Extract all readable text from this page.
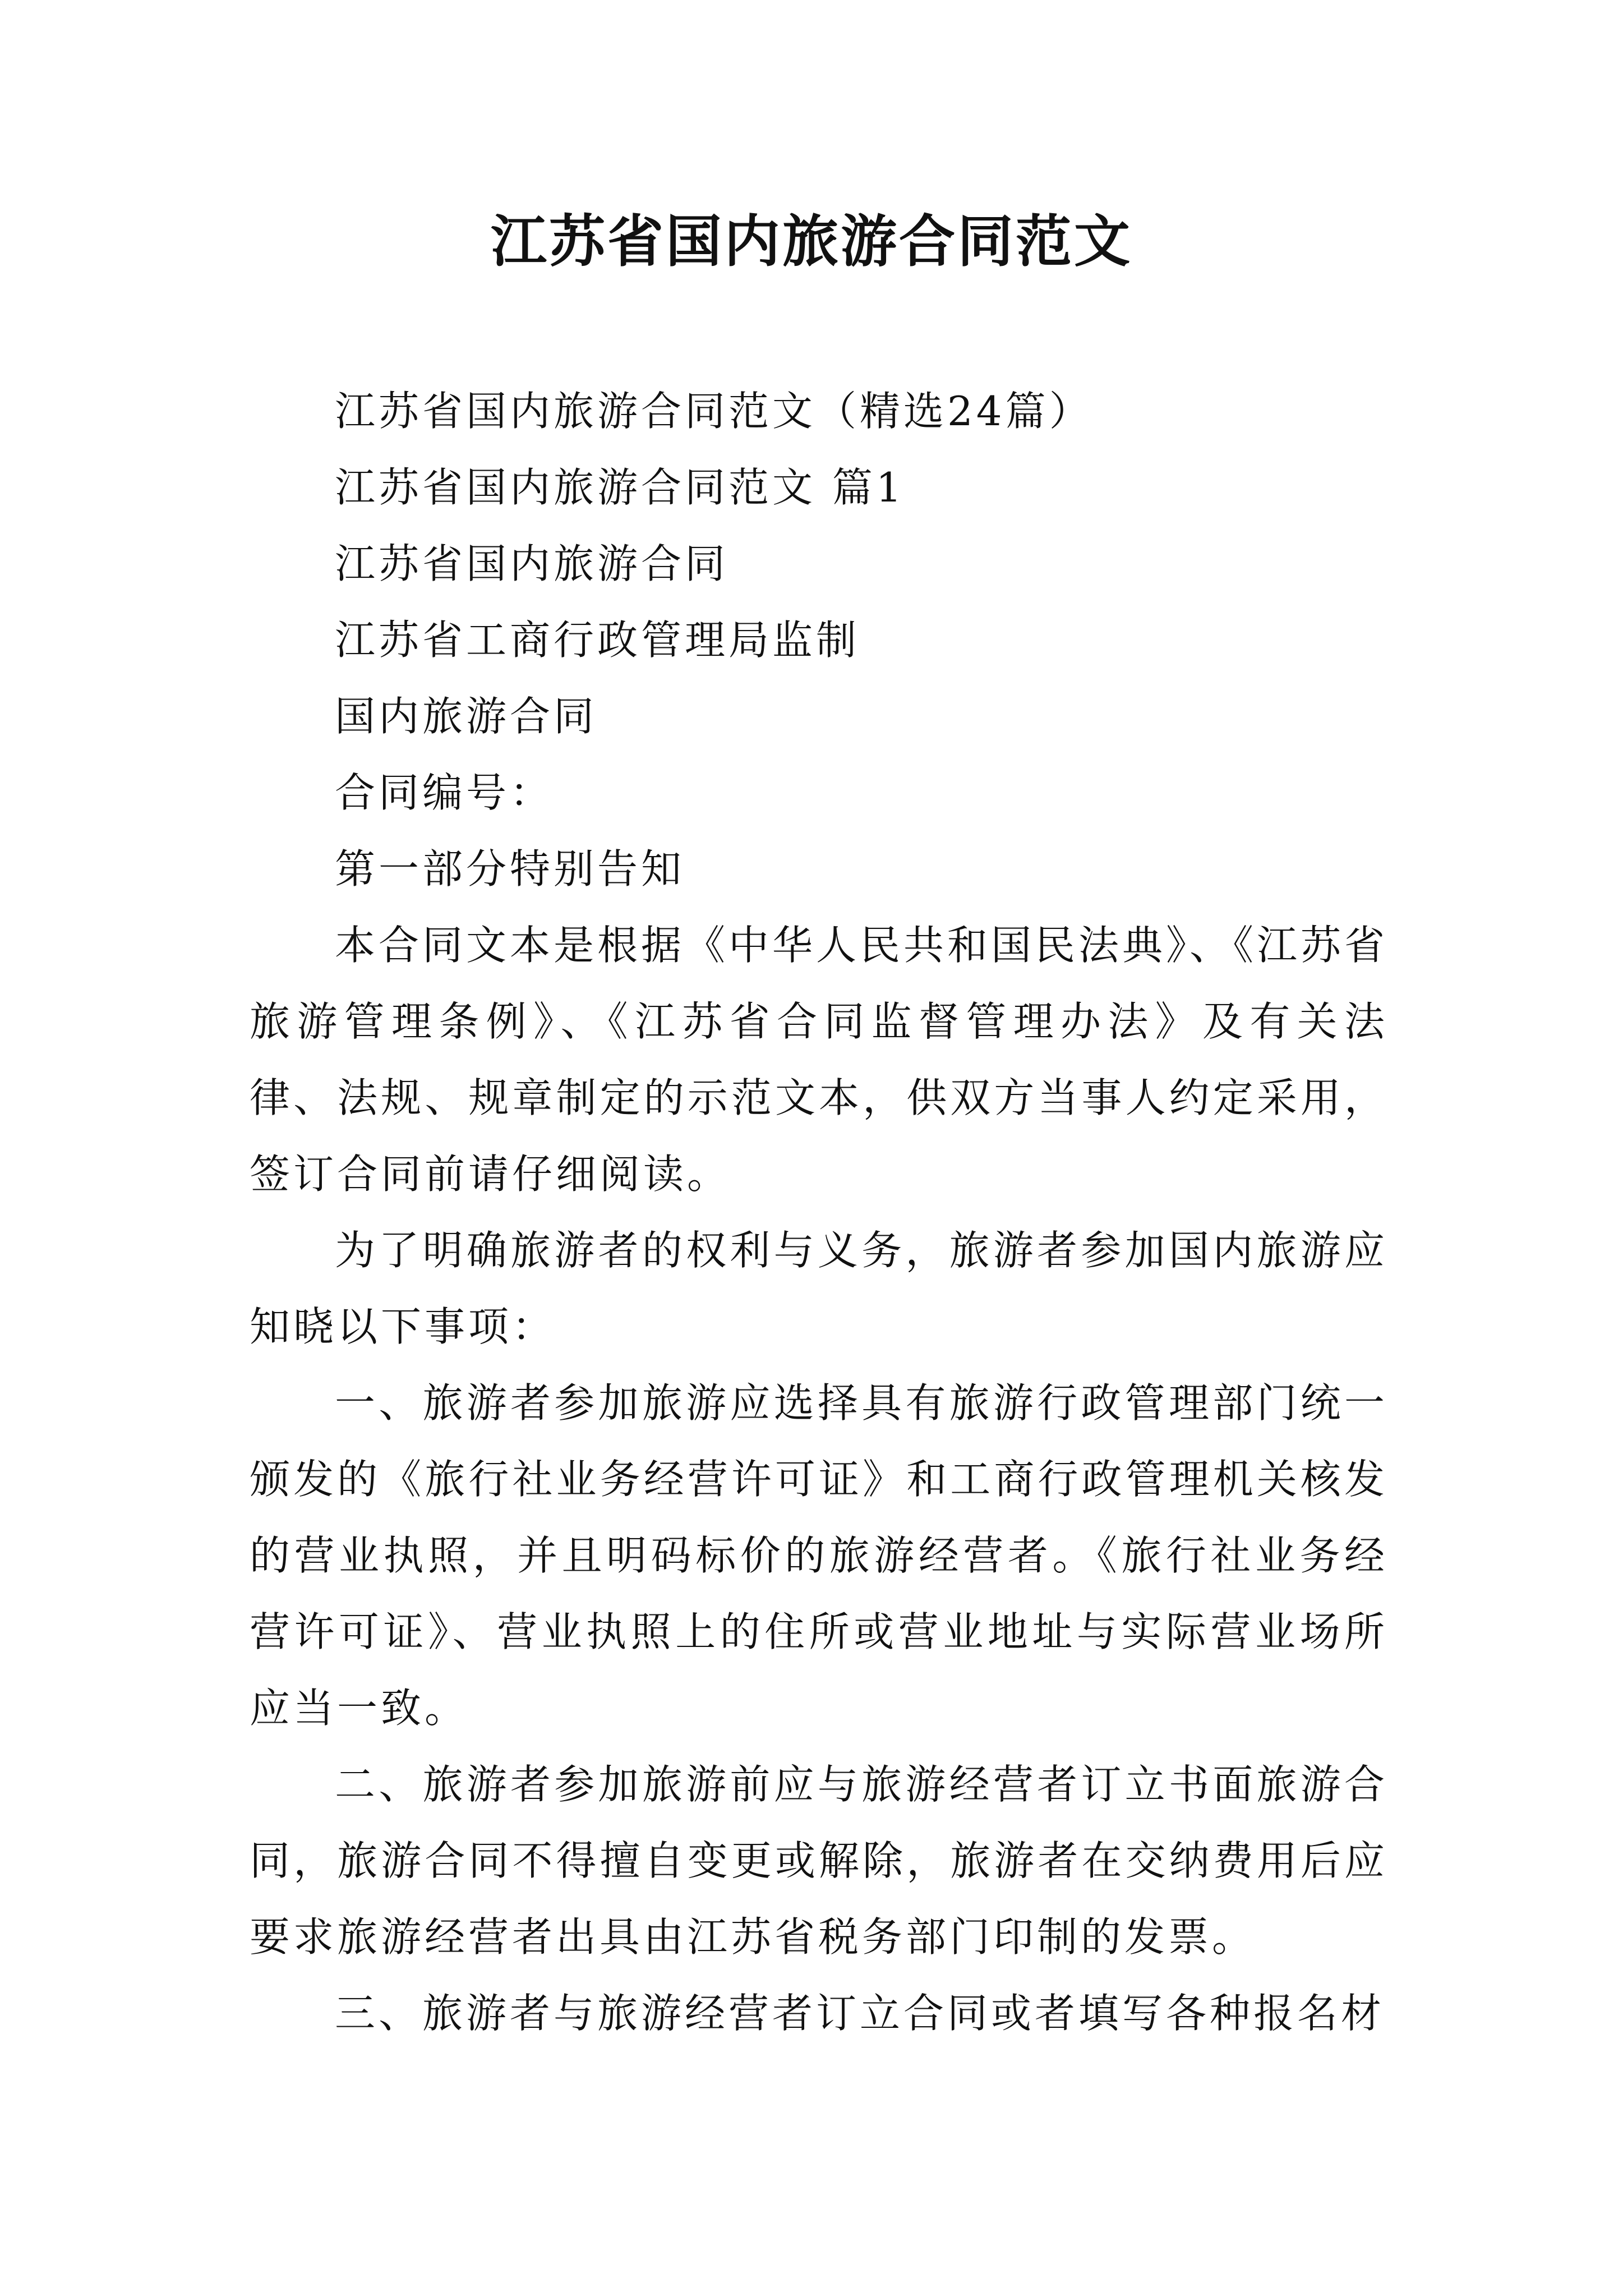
江苏省国内旅游合同范文

江苏省国内旅游合同范文（精选24篇）

江苏省国内旅游合同范文 篇1

江苏省国内旅游合同

江苏省工商行政管理局监制

国内旅游合同

合同编号：

第一部分特别告知

本合同文本是根据《中华人民共和国民法典》、《江苏省旅游管理条例》、《江苏省合同监督管理办法》及有关法律、法规、规章制定的示范文本，供双方当事人约定采用，签订合同前请仔细阅读。

为了明确旅游者的权利与义务，旅游者参加国内旅游应知晓以下事项：

一、旅游者参加旅游应选择具有旅游行政管理部门统一颁发的《旅行社业务经营许可证》和工商行政管理机关核发的营业执照，并且明码标价的旅游经营者。《旅行社业务经营许可证》、营业执照上的住所或营业地址与实际营业场所应当一致。

二、旅游者参加旅游前应与旅游经营者订立书面旅游合同，旅游合同不得擅自变更或解除，旅游者在交纳费用后应要求旅游经营者出具由江苏省税务部门印制的发票。

三、旅游者与旅游经营者订立合同或者填写各种报名材
